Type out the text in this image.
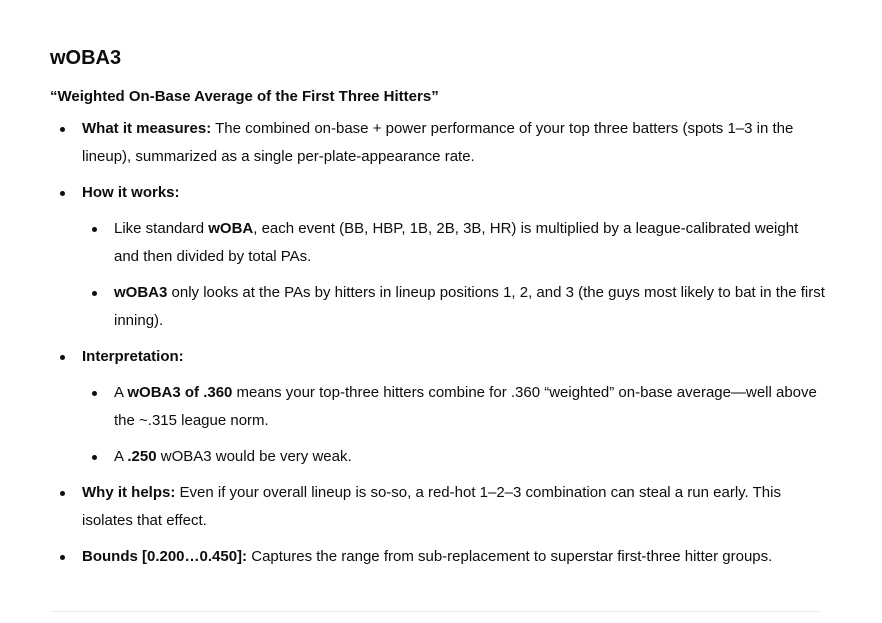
wOBA3

“Weighted On-Base Average of the First Three Hitters”

What it measures: The combined on-base + power performance of your top three batters (spots 1–3 in the lineup), summarized as a single per-plate-appearance rate.
How it works:
Like standard wOBA, each event (BB, HBP, 1B, 2B, 3B, HR) is multiplied by a league-calibrated weight and then divided by total PAs.
wOBA3 only looks at the PAs by hitters in lineup positions 1, 2, and 3 (the guys most likely to bat in the first inning).
Interpretation:
A wOBA3 of .360 means your top-three hitters combine for .360 “weighted” on-base average—well above the ~.315 league norm.
A .250 wOBA3 would be very weak.
Why it helps: Even if your overall lineup is so-so, a red-hot 1–2–3 combination can steal a run early. This isolates that effect.
Bounds [0.200…0.450]: Captures the range from sub-replacement to superstar first-three hitter groups.
